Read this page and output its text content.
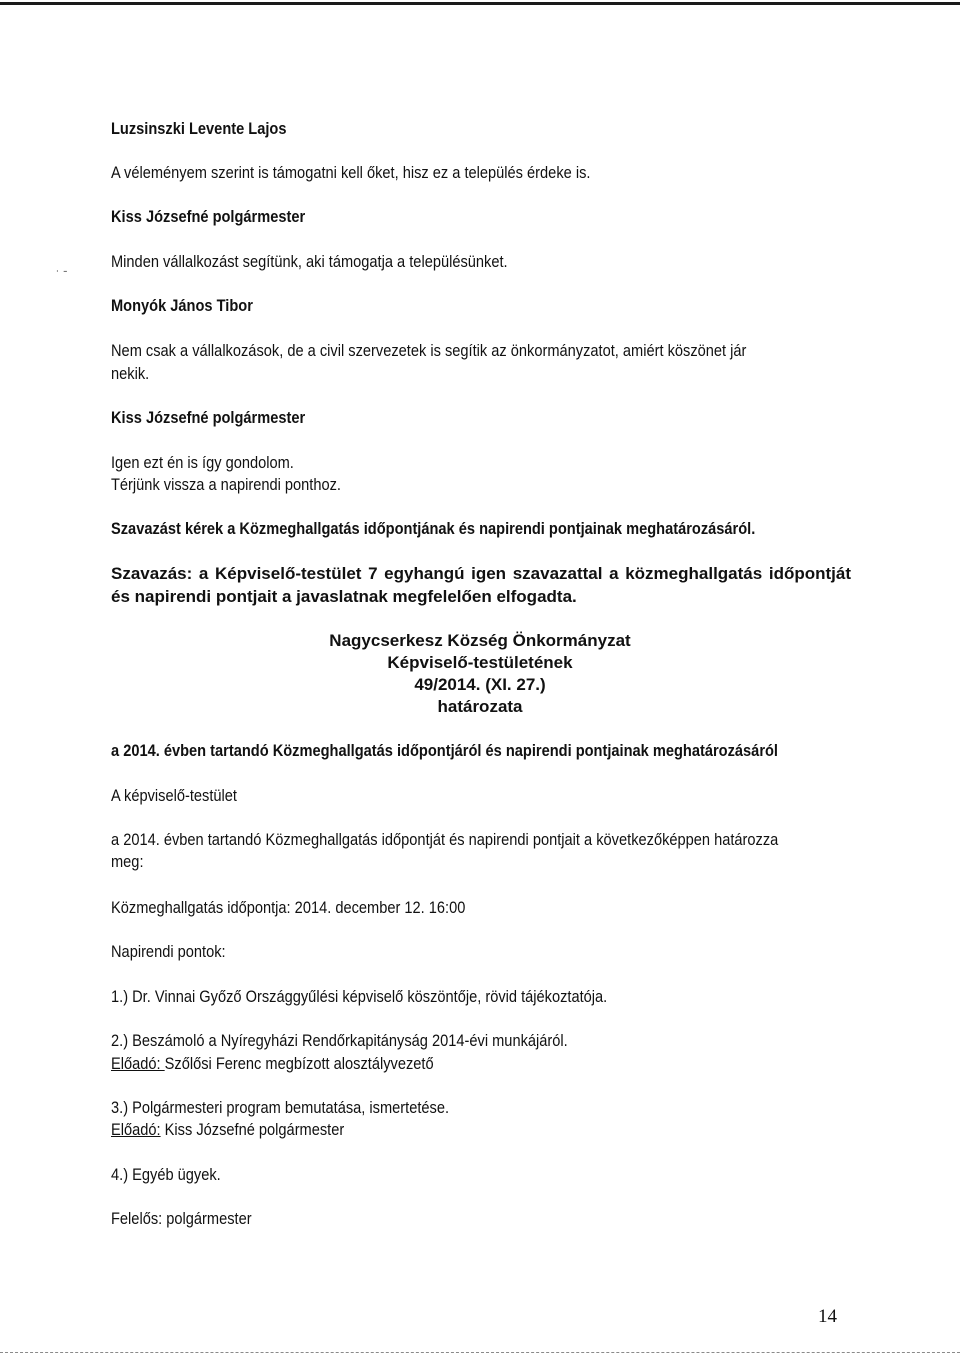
˙ ˉ
Luzsinszki Levente Lajos
A véleményem szerint is támogatni kell őket, hisz ez a település érdeke is.
Kiss Józsefné polgármester
Minden vállalkozást segítünk, aki támogatja a településünket.
Monyók János Tibor
Nem csak a vállalkozások, de a civil szervezetek is segítik az önkormányzatot, amiért köszönet jár
nekik.
Kiss Józsefné polgármester
Igen ezt én is így gondolom.
Térjünk vissza a napirendi ponthoz.
Szavazást kérek a Közmeghallgatás időpontjának és napirendi pontjainak meghatározásáról.
Szavazás: a Képviselő-testület 7 egyhangú igen szavazattal a közmeghallgatás időpontját és napirendi pontjait a javaslatnak megfelelően elfogadta.
Nagycserkesz Község Önkormányzat
Képviselő-testületének
49/2014. (XI. 27.)
határozata
a 2014. évben tartandó Közmeghallgatás időpontjáról és napirendi pontjainak meghatározásáról
A képviselő-testület
a 2014. évben tartandó Közmeghallgatás időpontját és napirendi pontjait a következőképpen határozza
meg:
Közmeghallgatás időpontja: 2014. december 12. 16:00
Napirendi pontok:
1.) Dr. Vinnai Győző Országgyűlési képviselő köszöntője, rövid tájékoztatója.
2.) Beszámoló a Nyíregyházi Rendőrkapitányság 2014-évi munkájáról.
Előadó: Szőlősi Ferenc megbízott alosztályvezető
3.) Polgármesteri program bemutatása, ismertetése.
Előadó: Kiss Józsefné polgármester
4.) Egyéb ügyek.
Felelős: polgármester
14
